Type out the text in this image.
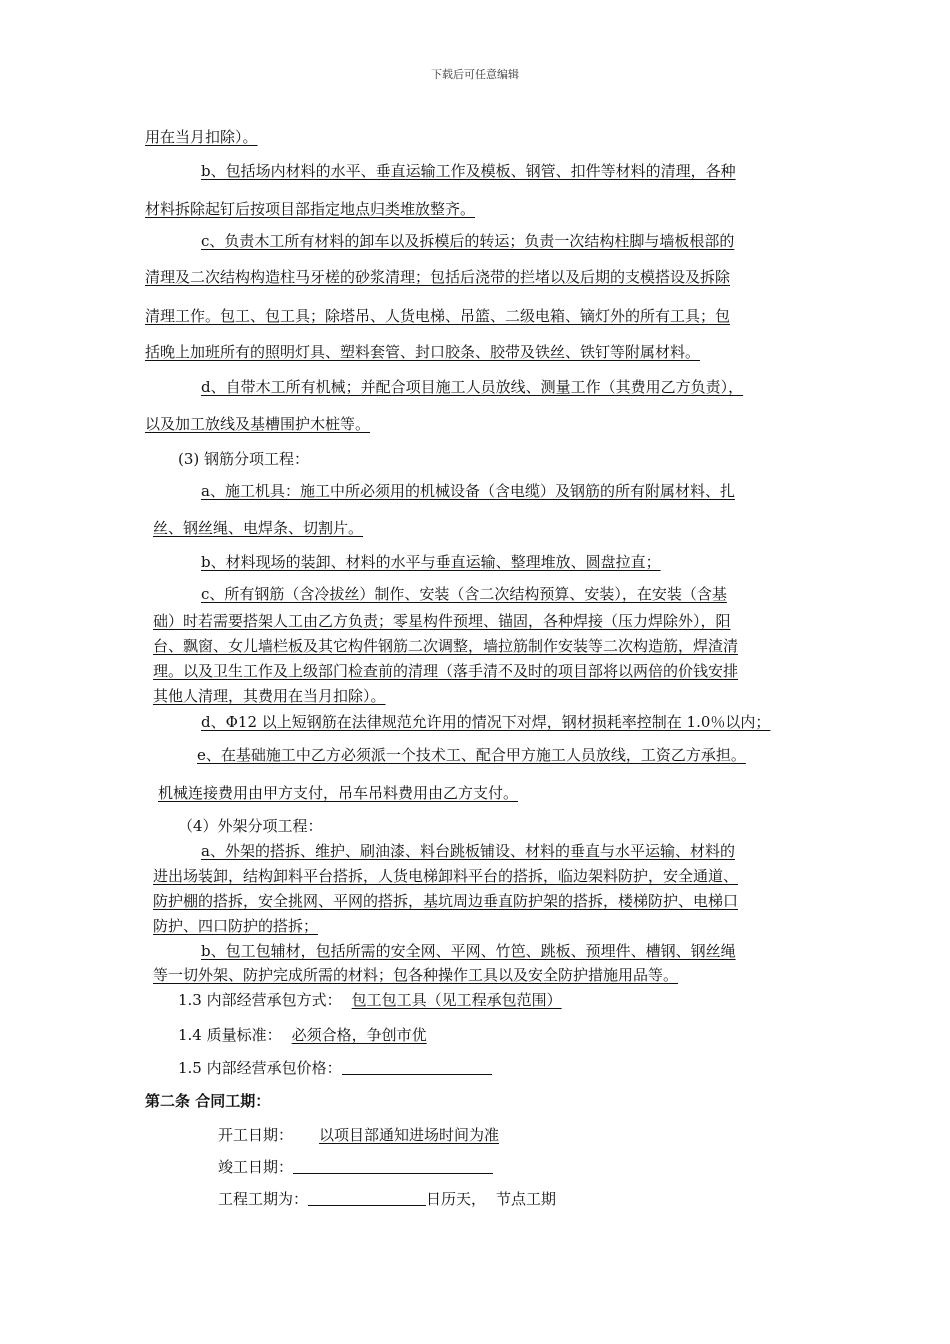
下载后可任意编辑
用在当月扣除）。
b、包括场内材料的水平、垂直运输工作及模板、钢管、扣件等材料的清理，各种
材料拆除起钉后按项目部指定地点归类堆放整齐。
c、负责木工所有材料的卸车以及拆模后的转运；负责一次结构柱脚与墙板根部的
清理及二次结构构造柱马牙槎的砂浆清理；包括后浇带的拦堵以及后期的支模搭设及拆除
清理工作。包工、包工具；除塔吊、人货电梯、吊篮、二级电箱、镝灯外的所有工具；包
括晚上加班所有的照明灯具、塑料套管、封口胶条、胶带及铁丝、铁钉等附属材料。
d、自带木工所有机械；并配合项目施工人员放线、测量工作（其费用乙方负责），
以及加工放线及基槽围护木桩等。
(3) 钢筋分项工程：
a、施工机具：施工中所必须用的机械设备（含电缆）及钢筋的所有附属材料、扎
丝、钢丝绳、电焊条、切割片。
b、材料现场的装卸、材料的水平与垂直运输、整理堆放、圆盘拉直；
c、所有钢筋（含冷拔丝）制作、安装（含二次结构预算、安装），在安装（含基
础）时若需要搭架人工由乙方负责；零星构件预埋、锚固，各种焊接（压力焊除外），阳
台、飘窗、女儿墙栏板及其它构件钢筋二次调整，墙拉筋制作安装等二次构造筋，焊渣清
理。以及卫生工作及上级部门检查前的清理（落手清不及时的项目部将以两倍的价钱安排
其他人清理，其费用在当月扣除）。
d、Φ12 以上短钢筋在法律规范允许用的情况下对焊，钢材损耗率控制在 1.0％以内；
e、在基础施工中乙方必须派一个技术工、配合甲方施工人员放线，工资乙方承担。
机械连接费用由甲方支付，吊车吊料费用由乙方支付。
（4）外架分项工程：
a、外架的搭拆、维护、刷油漆、料台跳板铺设、材料的垂直与水平运输、材料的
进出场装卸，结构卸料平台搭拆，人货电梯卸料平台的搭拆，临边架料防护，安全通道、
防护棚的搭拆，安全挑网、平网的搭拆，基坑周边垂直防护架的搭拆，楼梯防护、电梯口
防护、四口防护的搭拆；
b、包工包辅材，包括所需的安全网、平网、竹笆、跳板、预埋件、槽钢、钢丝绳
等一切外架、防护完成所需的材料；包各种操作工具以及安全防护措施用品等。
1.3 内部经营承包方式： 包工包工具（见工程承包范围）
1.4 质量标准： 必须合格，争创市优
1.5 内部经营承包价格：
第二条 合同工期：
开工日期： 以项目部通知进场时间为准
竣工日期：
工程工期为：	日历天， 节点工期
